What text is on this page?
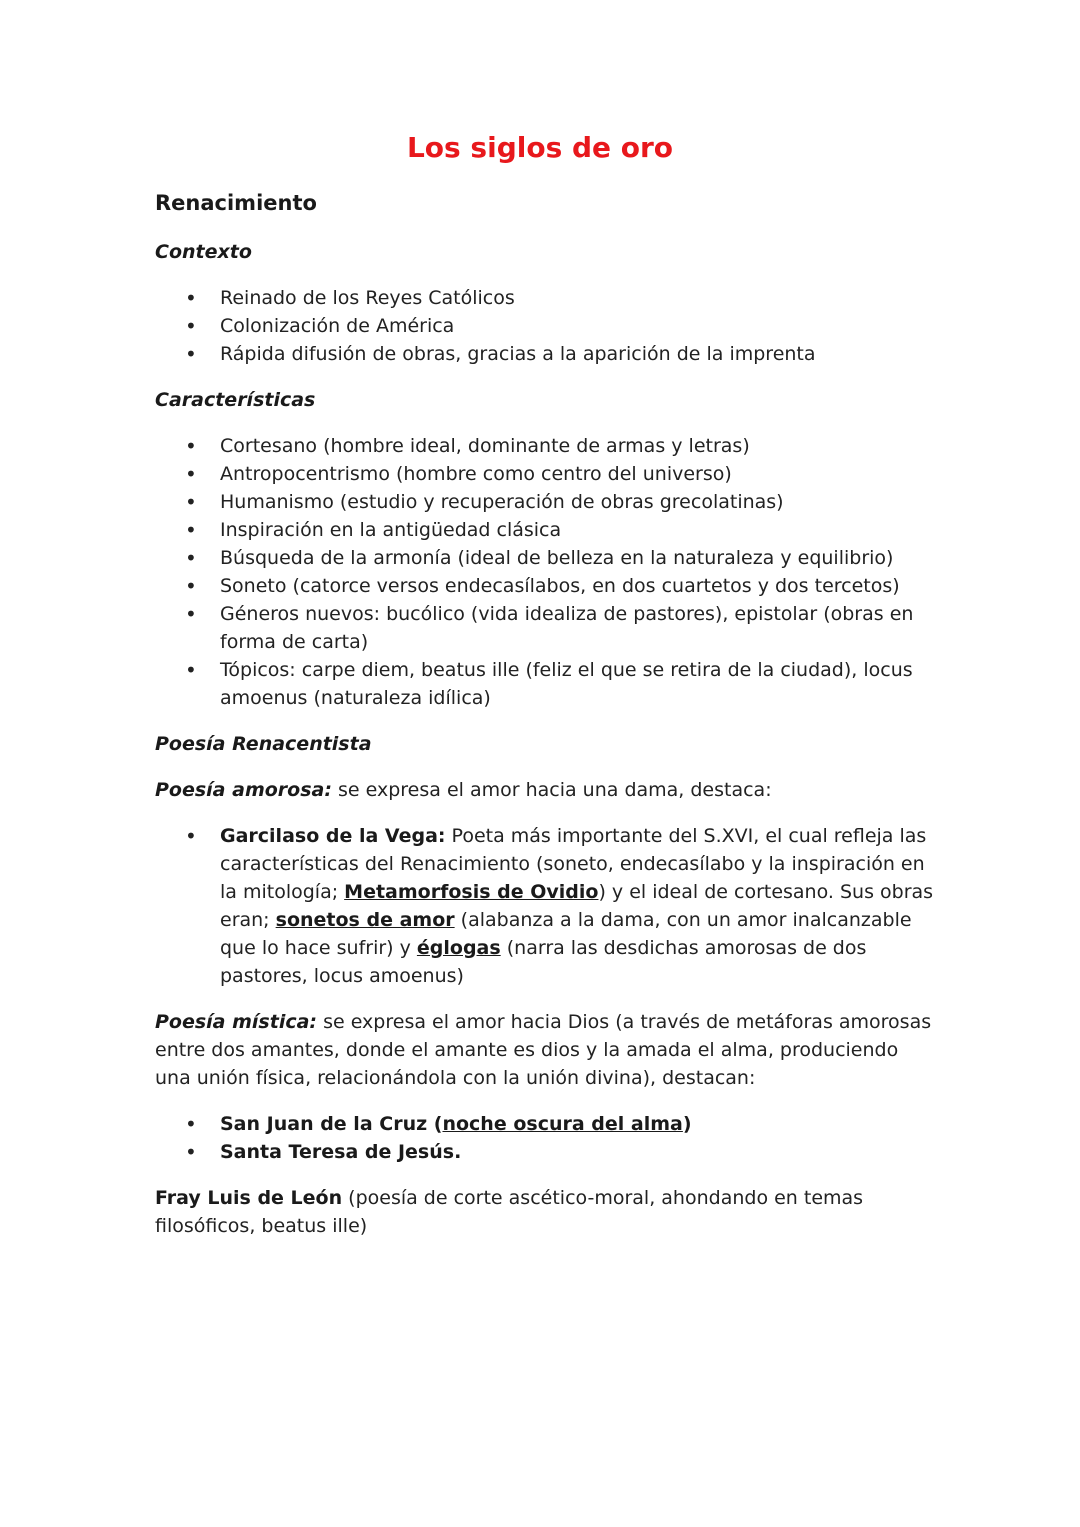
Los siglos de oro
Renacimiento
Contexto
• Reinado de los Reyes Católicos
• Colonización de América
• Rápida difusión de obras, gracias a la aparición de la imprenta
Características
• Cortesano (hombre ideal, dominante de armas y letras)
• Antropocentrismo (hombre como centro del universo)
• Humanismo (estudio y recuperación de obras grecolatinas)
• Inspiración en la antigüedad clásica
• Búsqueda de la armonía (ideal de belleza en la naturaleza y equilibrio)
• Soneto (catorce versos endecasílabos, en dos cuartetos y dos tercetos)
• Géneros nuevos: bucólico (vida idealiza de pastores), epistolar (obras en forma de carta)
• Tópicos: carpe diem, beatus ille (feliz el que se retira de la ciudad), locus amoenus (naturaleza idílica)
Poesía Renacentista

Poesía amorosa: se expresa el amor hacia una dama, destaca:

• Garcilaso de la Vega: Poeta más importante del S.XVI, el cual refleja las características del Renacimiento (soneto, endecasílabo y la inspiración en la mitología; Metamorfosis de Ovidio) y el ideal de cortesano. Sus obras eran; sonetos de amor (alabanza a la dama, con un amor inalcanzable que lo hace sufrir) y églogas (narra las desdichas amorosas de dos pastores, locus amoenus)

Poesía mística: se expresa el amor hacia Dios (a través de metáforas amorosas entre dos amantes, donde el amante es dios y la amada el alma, produciendo una unión física, relacionándola con la unión divina), destacan:

• San Juan de la Cruz (noche oscura del alma)
• Santa Teresa de Jesús.

Fray Luis de León (poesía de corte ascético-moral, ahondando en temas filosóficos, beatus ille)
